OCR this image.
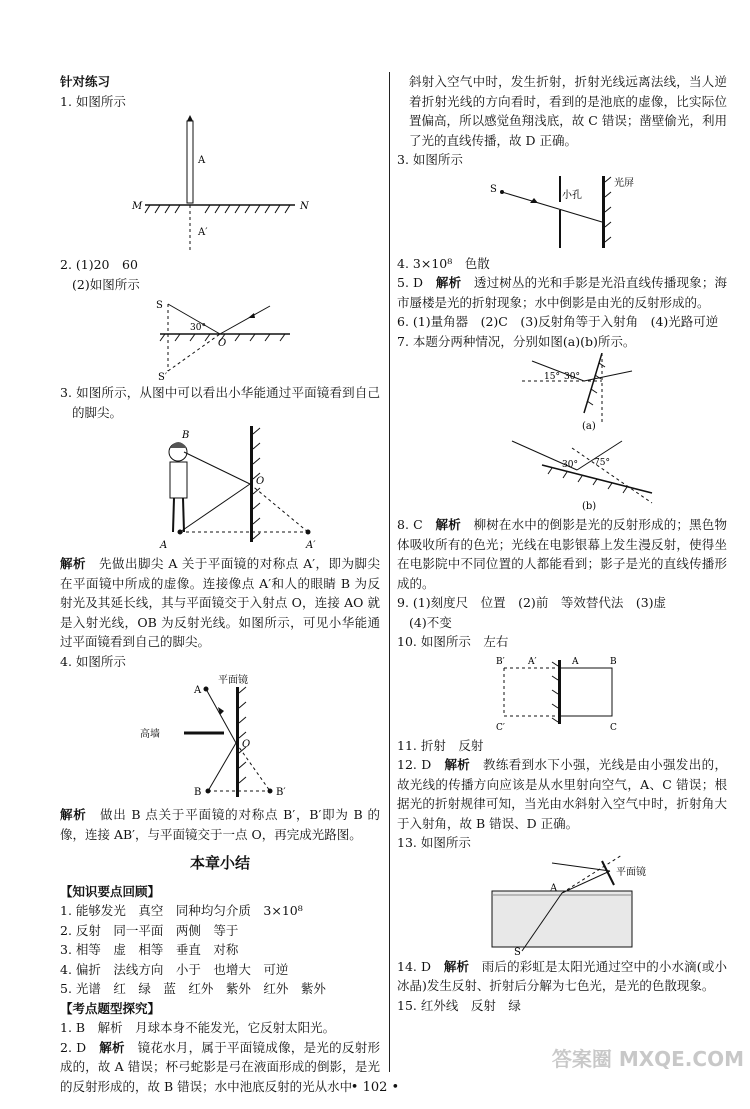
针对练习

1. 如图所示

A
M	N
A′

2. (1)20　60

(2)如图所示

S
S′
O
30°

3. 如图所示，从图中可以看出小华能通过平面镜看到自己的脚尖。

B
O
A	A′

解析　 先做出脚尖 A 关于平面镜的对称点 A′，即为脚尖在平面镜中所成的虚像。连接像点 A′和人的眼睛 B 为反射光及其延长线，其与平面镜交于入射点 O，连接 AO 就是入射光线，OB 为反射光线。如图所示，可见小华能通过平面镜看到自己的脚尖。

4. 如图所示

平面镜
高墙
A
O
B	B′

解析　 做出 B 点关于平面镜的对称点 B′，B′即为 B 的像，连接 AB′，与平面镜交于一点 O，再完成光路图。

本章小结

【知识要点回顾】

1. 能够发光　真空　同种均匀介质　3×10⁸

2. 反射　同一平面　两侧　等于

3. 相等　虚　相等　垂直　对称

4. 偏折　法线方向　小于　也增大　可逆

5. 光谱　红　绿　蓝　红外　紫外　红外　紫外

【考点题型探究】

1. B　解析　月球本身不能发光，它反射太阳光。

2. D　 解析　 镜花水月，属于平面镜成像，是光的反射形成的，故 A 错误；杯弓蛇影是弓在液面形成的倒影，是光的反射形成的，故 B 错误；水中池底反射的光从水中

斜射入空气中时，发生折射，折射光线远离法线，当人逆着折射光线的方向看时，看到的是池底的虚像，比实际位置偏高，所以感觉鱼翔浅底，故 C 错误；凿壁偷光，利用了光的直线传播，故 D 正确。

3. 如图所示

S
小孔
光屏

4. 3×10⁸　色散

5. D　 解析　 透过树丛的光和手影是光沿直线传播现象；海市蜃楼是光的折射现象；水中倒影是由光的反射形成的。

6. (1)量角器　(2)C　(3)反射角等于入射角　(4)光路可逆

7. 本题分两种情况，分别如图(a)(b)所示。

15° 30°
(a)
30° 75°
(b)

8. C　 解析　 柳树在水中的倒影是光的反射形成的；黑色物体吸收所有的色光；光线在电影银幕上发生漫反射，使得坐在电影院中不同位置的人都能看到；影子是光的直线传播形成的。

9. (1)刻度尺　位置　(2)前　等效替代法　(3)虚

(4)不变

10. 如图所示　左右

B′	A′	A	B
C′	C

11. 折射　反射

12. D　 解析　 教练看到水下小强，光线是由小强发出的，故光线的传播方向应该是从水里射向空气，A、C 错误；根据光的折射规律可知，当光由水斜射入空气中时，折射角大于入射角，故 B 错误、D 正确。

13. 如图所示

平面镜
A
S

14. D　 解析　 雨后的彩虹是太阳光通过空中的小水滴(或小冰晶)发生反射、折射后分解为七色光，是光的色散现象。

15. 红外线　反射　绿

• 102 •
答案圈 MXQE.COM
